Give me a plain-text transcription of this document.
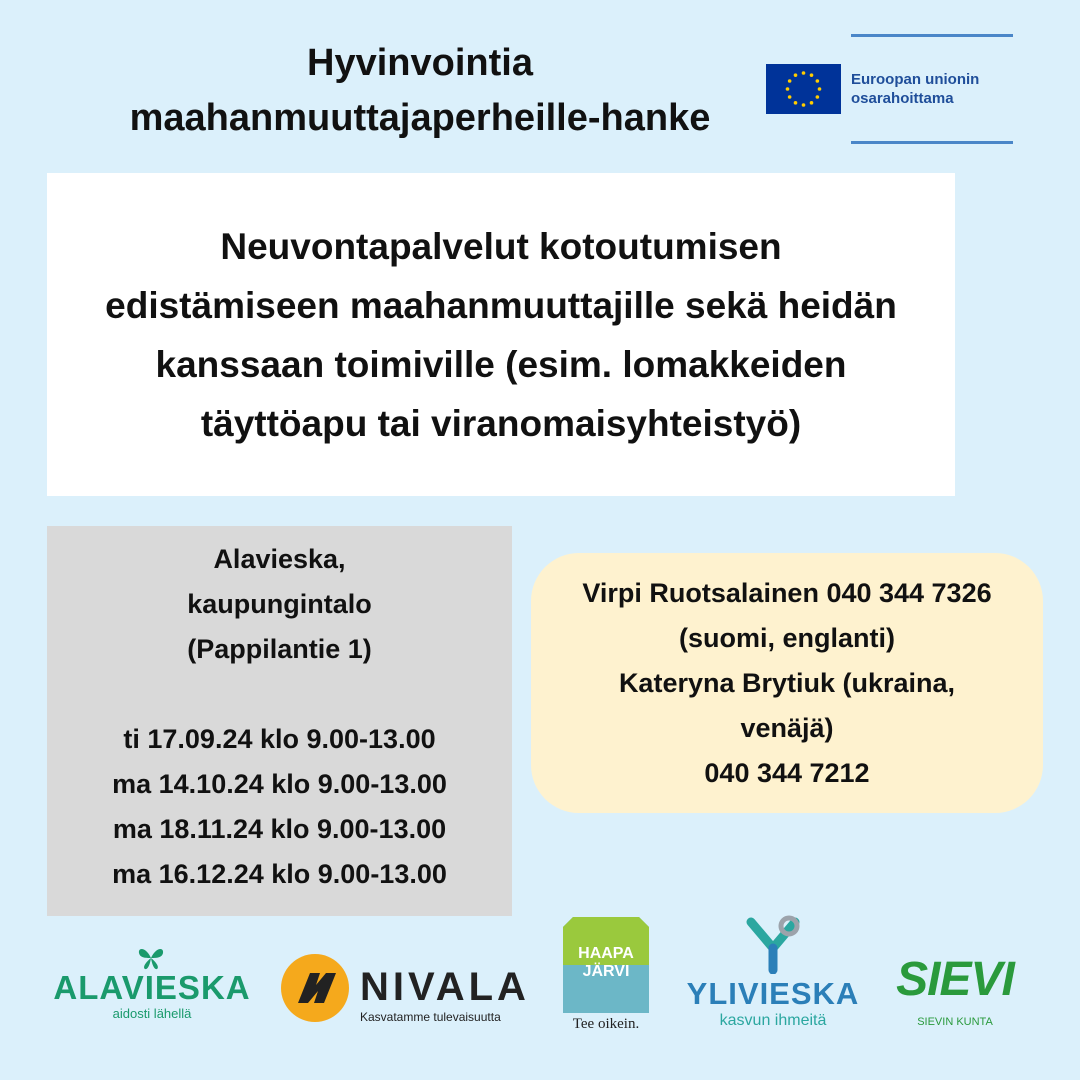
Hyvinvointia
maahanmuuttajaperheille-hanke
Euroopan unionin
osarahoittama
Neuvontapalvelut kotoutumisen
edistämiseen maahanmuuttajille sekä heidän
kanssaan toimiville (esim. lomakkeiden
täyttöapu tai viranomaisyhteistyö)
Alavieska,
kaupungintalo
(Pappilantie 1)
ti 17.09.24 klo 9.00-13.00
ma 14.10.24 klo 9.00-13.00
ma 18.11.24 klo 9.00-13.00
ma 16.12.24 klo 9.00-13.00
Virpi Ruotsalainen 040 344 7326
(suomi, englanti)
Kateryna Brytiuk (ukraina,
venäjä)
040 344 7212
ALAVIESKA
aidosti lähellä
NIVALA
Kasvatamme tulevaisuutta
HAAPA
JÄRVI
Tee oikein.
YLIVIESKA
kasvun ihmeitä
SIEVI
SIEVIN KUNTA
